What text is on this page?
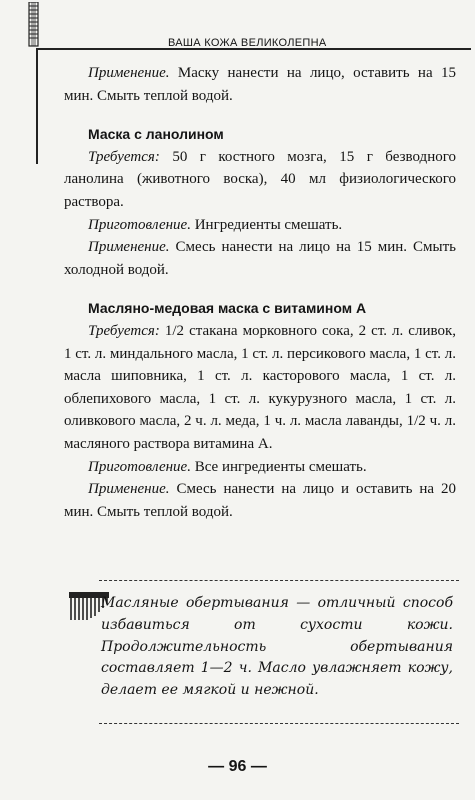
ВАША КОЖА ВЕЛИКОЛЕПНА

Применение. Маску нанести на лицо, оставить на 15 мин. Смыть теплой водой.

Маска с ланолином

Требуется: 50 г костного мозга, 15 г безводного ланолина (животного воска), 40 мл физиологического раствора.

Приготовление. Ингредиенты смешать.

Применение. Смесь нанести на лицо на 15 мин. Смыть холодной водой.

Масляно-медовая маска с витамином А

Требуется: 1/2 стакана морковного сока, 2 ст. л. сливок, 1 ст. л. миндального масла, 1 ст. л. персикового масла, 1 ст. л. масла шиповника, 1 ст. л. касторового масла, 1 ст. л. облепихового масла, 1 ст. л. кукурузного масла, 1 ст. л. оливкового масла, 2 ч. л. меда, 1 ч. л. масла лаванды, 1/2 ч. л. масляного раствора витамина А.

Приготовление. Все ингредиенты смешать.

Применение. Смесь нанести на лицо и оставить на 20 мин. Смыть теплой водой.

Масляные обертывания — отличный способ избавиться от сухости кожи. Продолжительность обертывания составляет 1—2 ч. Масло увлажняет кожу, делает ее мягкой и нежной.
— 96 —
